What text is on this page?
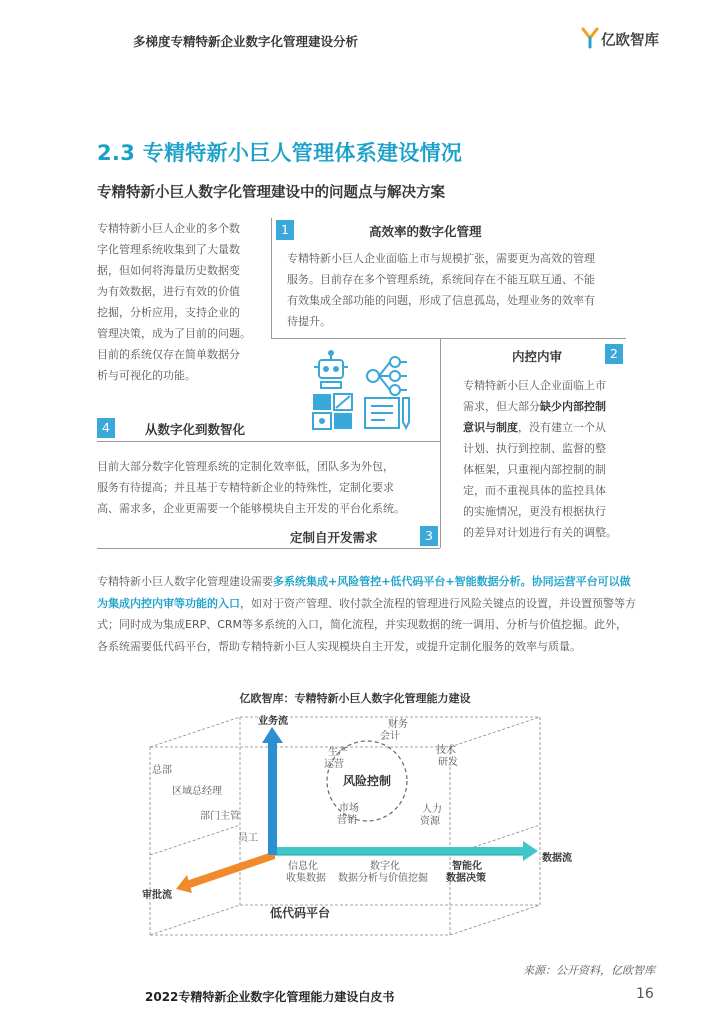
多梯度专精特新企业数字化管理建设分析	亿欧智库
2.3 专精特新小巨人管理体系建设情况
专精特新小巨人数字化管理建设中的问题点与解决方案
专精特新小巨人企业的多个数
字化管理系统收集到了大量数
据，但如何将海量历史数据变
为有效数据，进行有效的价值
挖掘，分析应用，支持企业的
管理决策，成为了目前的问题。
目前的系统仅存在简单数据分
析与可视化的功能。
1	高效率的数字化管理
专精特新小巨人企业面临上市与规模扩张，需要更为高效的管理
服务。目前存在多个管理系统，系统间存在不能互联互通、不能
有效集成全部功能的问题，形成了信息孤岛，处理业务的效率有
待提升。
内控内审	2
专精特新小巨人企业面临上市
需求，但大部分缺少内部控制
意识与制度，没有建立一个从
计划、执行到控制、监督的整
体框架，只重视内部控制的制
定，而不重视具体的监控具体
的实施情况，更没有根据执行
的差异对计划进行有关的调整。
4	从数字化到数智化
目前大部分数字化管理系统的定制化效率低，团队多为外包，
服务有待提高；并且基于专精特新企业的特殊性，定制化要求
高、需求多，企业更需要一个能够模块自主开发的平台化系统。
定制自开发需求	3
专精特新小巨人数字化管理建设需要多系统集成+风险管控+低代码平台+智能数据分析。协同运营平台可以做为集成内控内审等功能的入口，如对于资产管理、收付款全流程的管理进行风险关键点的设置，并设置预警等方式；同时成为集成ERP、CRM等多系统的入口，简化流程，并实现数据的统一调用、分析与价值挖掘。此外，各系统需要低代码平台，帮助专精特新小巨人实现模块自主开发，或提升定制化服务的效率与质量。
亿欧智库：专精特新小巨人数字化管理能力建设
风险控制
财务会计
技术研发
人力资源
市场营销
生产运营
总部
区域总经理
部门主管
员工
数据流
审批流
业务流
信息化收集数据
数字化数据分析与价值挖掘
智能化数据决策
低代码平台
来源：公开资料，亿欧智库
2022专精特新企业数字化管理能力建设白皮书	16
